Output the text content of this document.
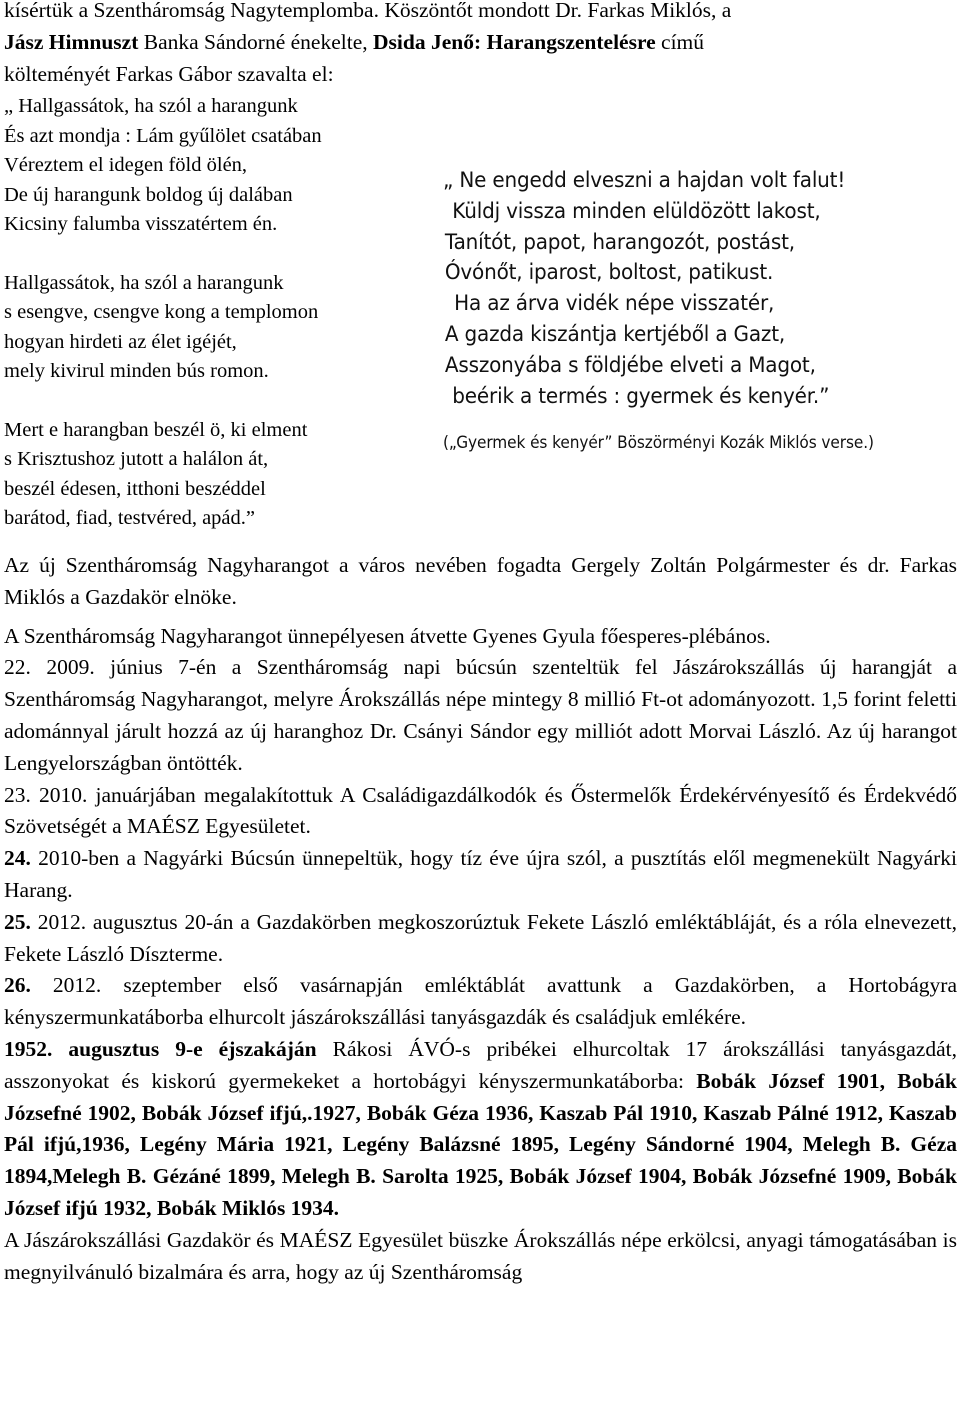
kísértük a Szentháromság Nagytemplomba. Köszöntőt mondott Dr. Farkas Miklós, a

Jász Himnuszt Banka Sándorné énekelte, Dsida Jenő: Harangszentelésre című

költeményét Farkas Gábor szavalta el:

„ Hallgassátok, ha szól a harangunk

És azt mondja : Lám gyűlölet csatában

Véreztem el idegen föld ölén,

De új harangunk boldog új dalában

Kicsiny falumba visszatértem én.

Hallgassátok, ha szól a harangunk

s esengve, csengve kong a templomon

hogyan hirdeti az élet igéjét,

mely kivirul minden bús romon.

Mert e harangban beszél ö, ki elment

s Krisztushoz jutott a halálon át,

beszél édesen, itthoni beszéddel

barátod, fiad, testvéred, apád.”

„ Ne engedd elveszni a hajdan volt falut!

Küldj vissza minden elüldözött lakost,

Tanítót, papot, harangozót, postást,

Óvónőt, iparost, boltost, patikust.

Ha az árva vidék népe visszatér,

A gazda kiszántja kertjéből a Gazt,

Asszonyába s földjébe elveti a Magot,

beérik a termés : gyermek és kenyér.”

(„Gyermek és kenyér” Böszörményi Kozák Miklós verse.)

Az új Szentháromság Nagyharangot a város nevében fogadta Gergely Zoltán Polgármester és dr. Farkas Miklós a Gazdakör elnöke.

A Szentháromság Nagyharangot ünnepélyesen átvette Gyenes Gyula főesperes-plébános.

22. 2009. június 7-én a Szentháromság napi búcsún szenteltük fel Jászárokszállás új harangját a Szentháromság Nagyharangot, melyre Árokszállás népe mintegy 8 millió Ft-ot adományozott. 1,5 forint feletti adománnyal járult hozzá az új haranghoz Dr. Csányi Sándor egy milliót adott Morvai László. Az új harangot Lengyelországban öntötték.

23. 2010. januárjában megalakítottuk A Családigazdálkodók és Őstermelők Érdekérvényesítő és Érdekvédő Szövetségét a MAÉSZ Egyesületet.

24. 2010-ben a Nagyárki Búcsún ünnepeltük, hogy tíz éve újra szól, a pusztítás elől megmenekült Nagyárki Harang.

25. 2012. augusztus 20-án a Gazdakörben megkoszorúztuk Fekete László emléktábláját, és a róla elnevezett, Fekete László Díszterme.

26. 2012. szeptember első vasárnapján emléktáblát avattunk a Gazdakörben, a Hortobágyra kényszermunkatáborba elhurcolt jászárokszállási tanyásgazdák és családjuk emlékére.

1952. augusztus 9-e éjszakáján Rákosi ÁVÓ-s pribékei elhurcoltak 17 árokszállási tanyásgazdát, asszonyokat és kiskorú gyermekeket a hortobágyi kényszermunkatáborba: Bobák József 1901, Bobák Józsefné 1902, Bobák József ifjú,.1927, Bobák Géza 1936, Kaszab Pál 1910, Kaszab Pálné 1912, Kaszab Pál ifjú,1936, Legény Mária 1921, Legény Balázsné 1895, Legény Sándorné 1904, Melegh B. Géza 1894,Melegh B. Gézáné 1899, Melegh B. Sarolta 1925, Bobák József 1904, Bobák Józsefné 1909, Bobák József ifjú 1932, Bobák Miklós 1934.

A Jászárokszállási Gazdakör és MAÉSZ Egyesület büszke Árokszállás népe erkölcsi, anyagi támogatásában is megnyilvánuló bizalmára és arra, hogy az új Szentháromság
